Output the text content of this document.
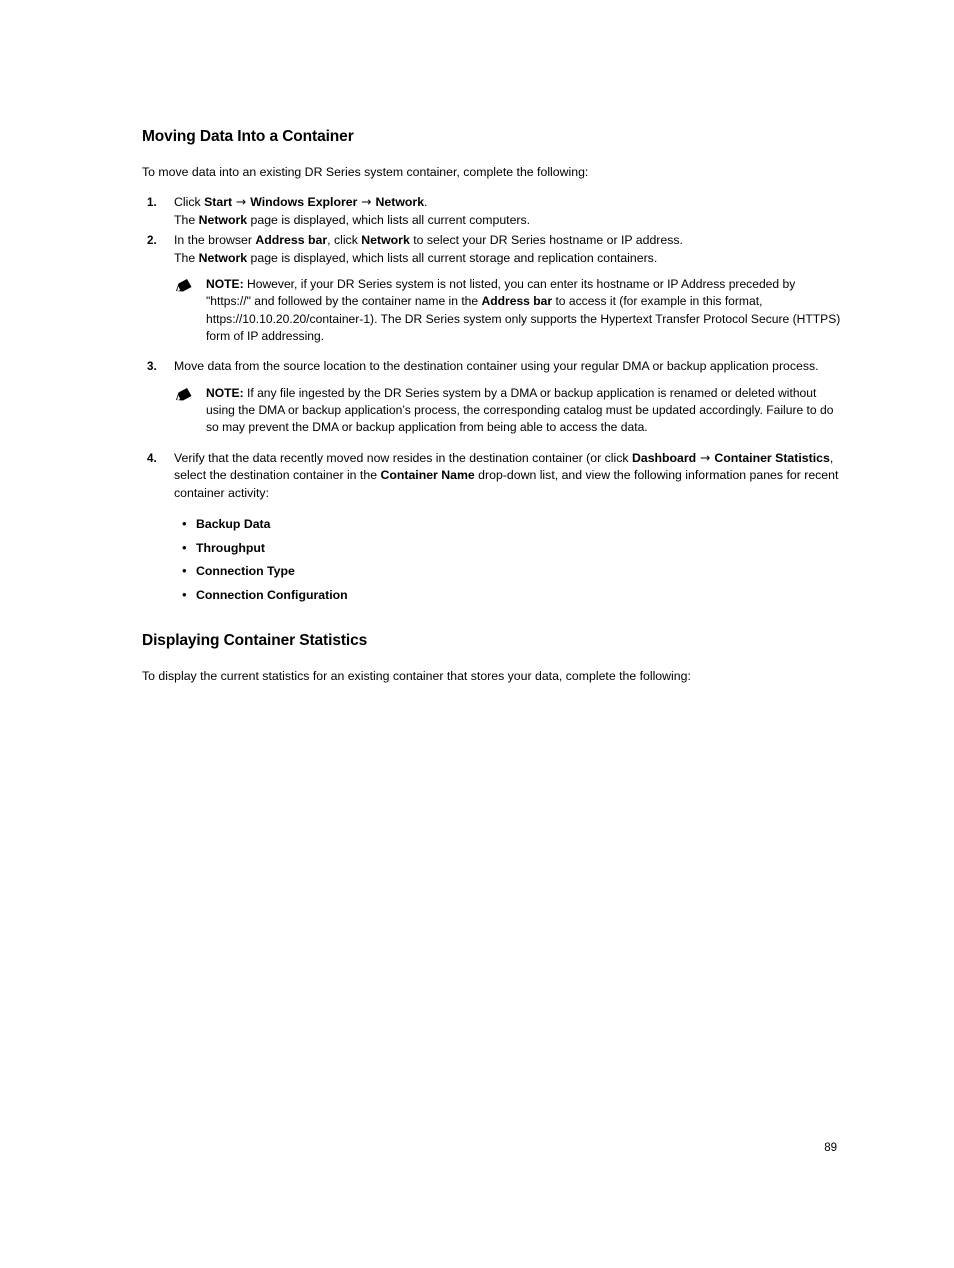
Moving Data Into a Container

To move data into an existing DR Series system container, complete the following:

1. Click Start → Windows Explorer → Network.
The Network page is displayed, which lists all current computers.
2. In the browser Address bar, click Network to select your DR Series hostname or IP address.
The Network page is displayed, which lists all current storage and replication containers.
NOTE: However, if your DR Series system is not listed, you can enter its hostname or IP Address preceded by "https://" and followed by the container name in the Address bar to access it (for example in this format, https://10.10.20.20/container-1). The DR Series system only supports the Hypertext Transfer Protocol Secure (HTTPS) form of IP addressing.
3. Move data from the source location to the destination container using your regular DMA or backup application process.
NOTE: If any file ingested by the DR Series system by a DMA or backup application is renamed or deleted without using the DMA or backup application’s process, the corresponding catalog must be updated accordingly. Failure to do so may prevent the DMA or backup application from being able to access the data.
4. Verify that the data recently moved now resides in the destination container (or click Dashboard → Container Statistics, select the destination container in the Container Name drop-down list, and view the following information panes for recent container activity:
• Backup Data
• Throughput
• Connection Type
• Connection Configuration
Displaying Container Statistics

To display the current statistics for an existing container that stores your data, complete the following:

89
